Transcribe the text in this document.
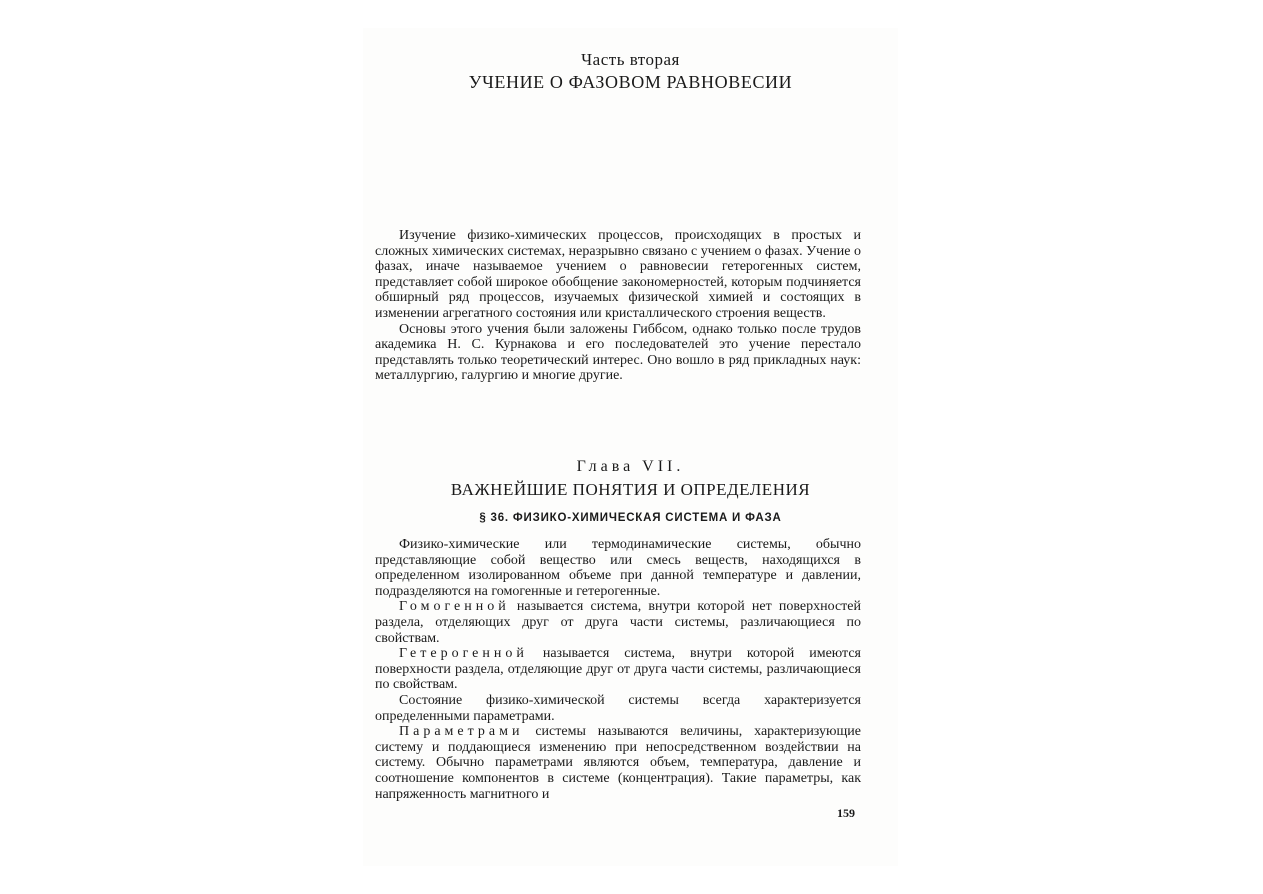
Часть вторая
УЧЕНИЕ О ФАЗОВОМ РАВНОВЕСИИ

Изучение физико-химических процессов, происходящих в простых и сложных химических системах, неразрывно связано с учением о фазах. Учение о фазах, иначе называемое учением о равновесии гетерогенных систем, представляет собой широкое обобщение закономерностей, которым подчиняется обширный ряд процессов, изучаемых физической химией и состоящих в изменении агрегатного состояния или кристаллического строения веществ.

Основы этого учения были заложены Гиббсом, однако только после трудов академика Н. С. Курнакова и его последователей это учение перестало представлять только теоретический интерес. Оно вошло в ряд прикладных наук: металлургию, галургию и многие другие.

Глава VII.
ВАЖНЕЙШИЕ ПОНЯТИЯ И ОПРЕДЕЛЕНИЯ
§ 36. ФИЗИКО-ХИМИЧЕСКАЯ СИСТЕМА И ФАЗА

Физико-химические или термодинамические системы, обычно представляющие собой вещество или смесь веществ, находящихся в определенном изолированном объеме при данной температуре и давлении, подразделяются на гомогенные и гетерогенные.

Гомогенной называется система, внутри которой нет поверхностей раздела, отделяющих друг от друга части системы, различающиеся по свойствам.

Гетерогенной называется система, внутри которой имеются поверхности раздела, отделяющие друг от друга части системы, различающиеся по свойствам.

Состояние физико-химической системы всегда характеризуется определенными параметрами.

Параметрами системы называются величины, характеризующие систему и поддающиеся изменению при непосредственном воздействии на систему. Обычно параметрами являются объем, температура, давление и соотношение компонентов в системе (концентрация). Такие параметры, как напряженность магнитного и

159
